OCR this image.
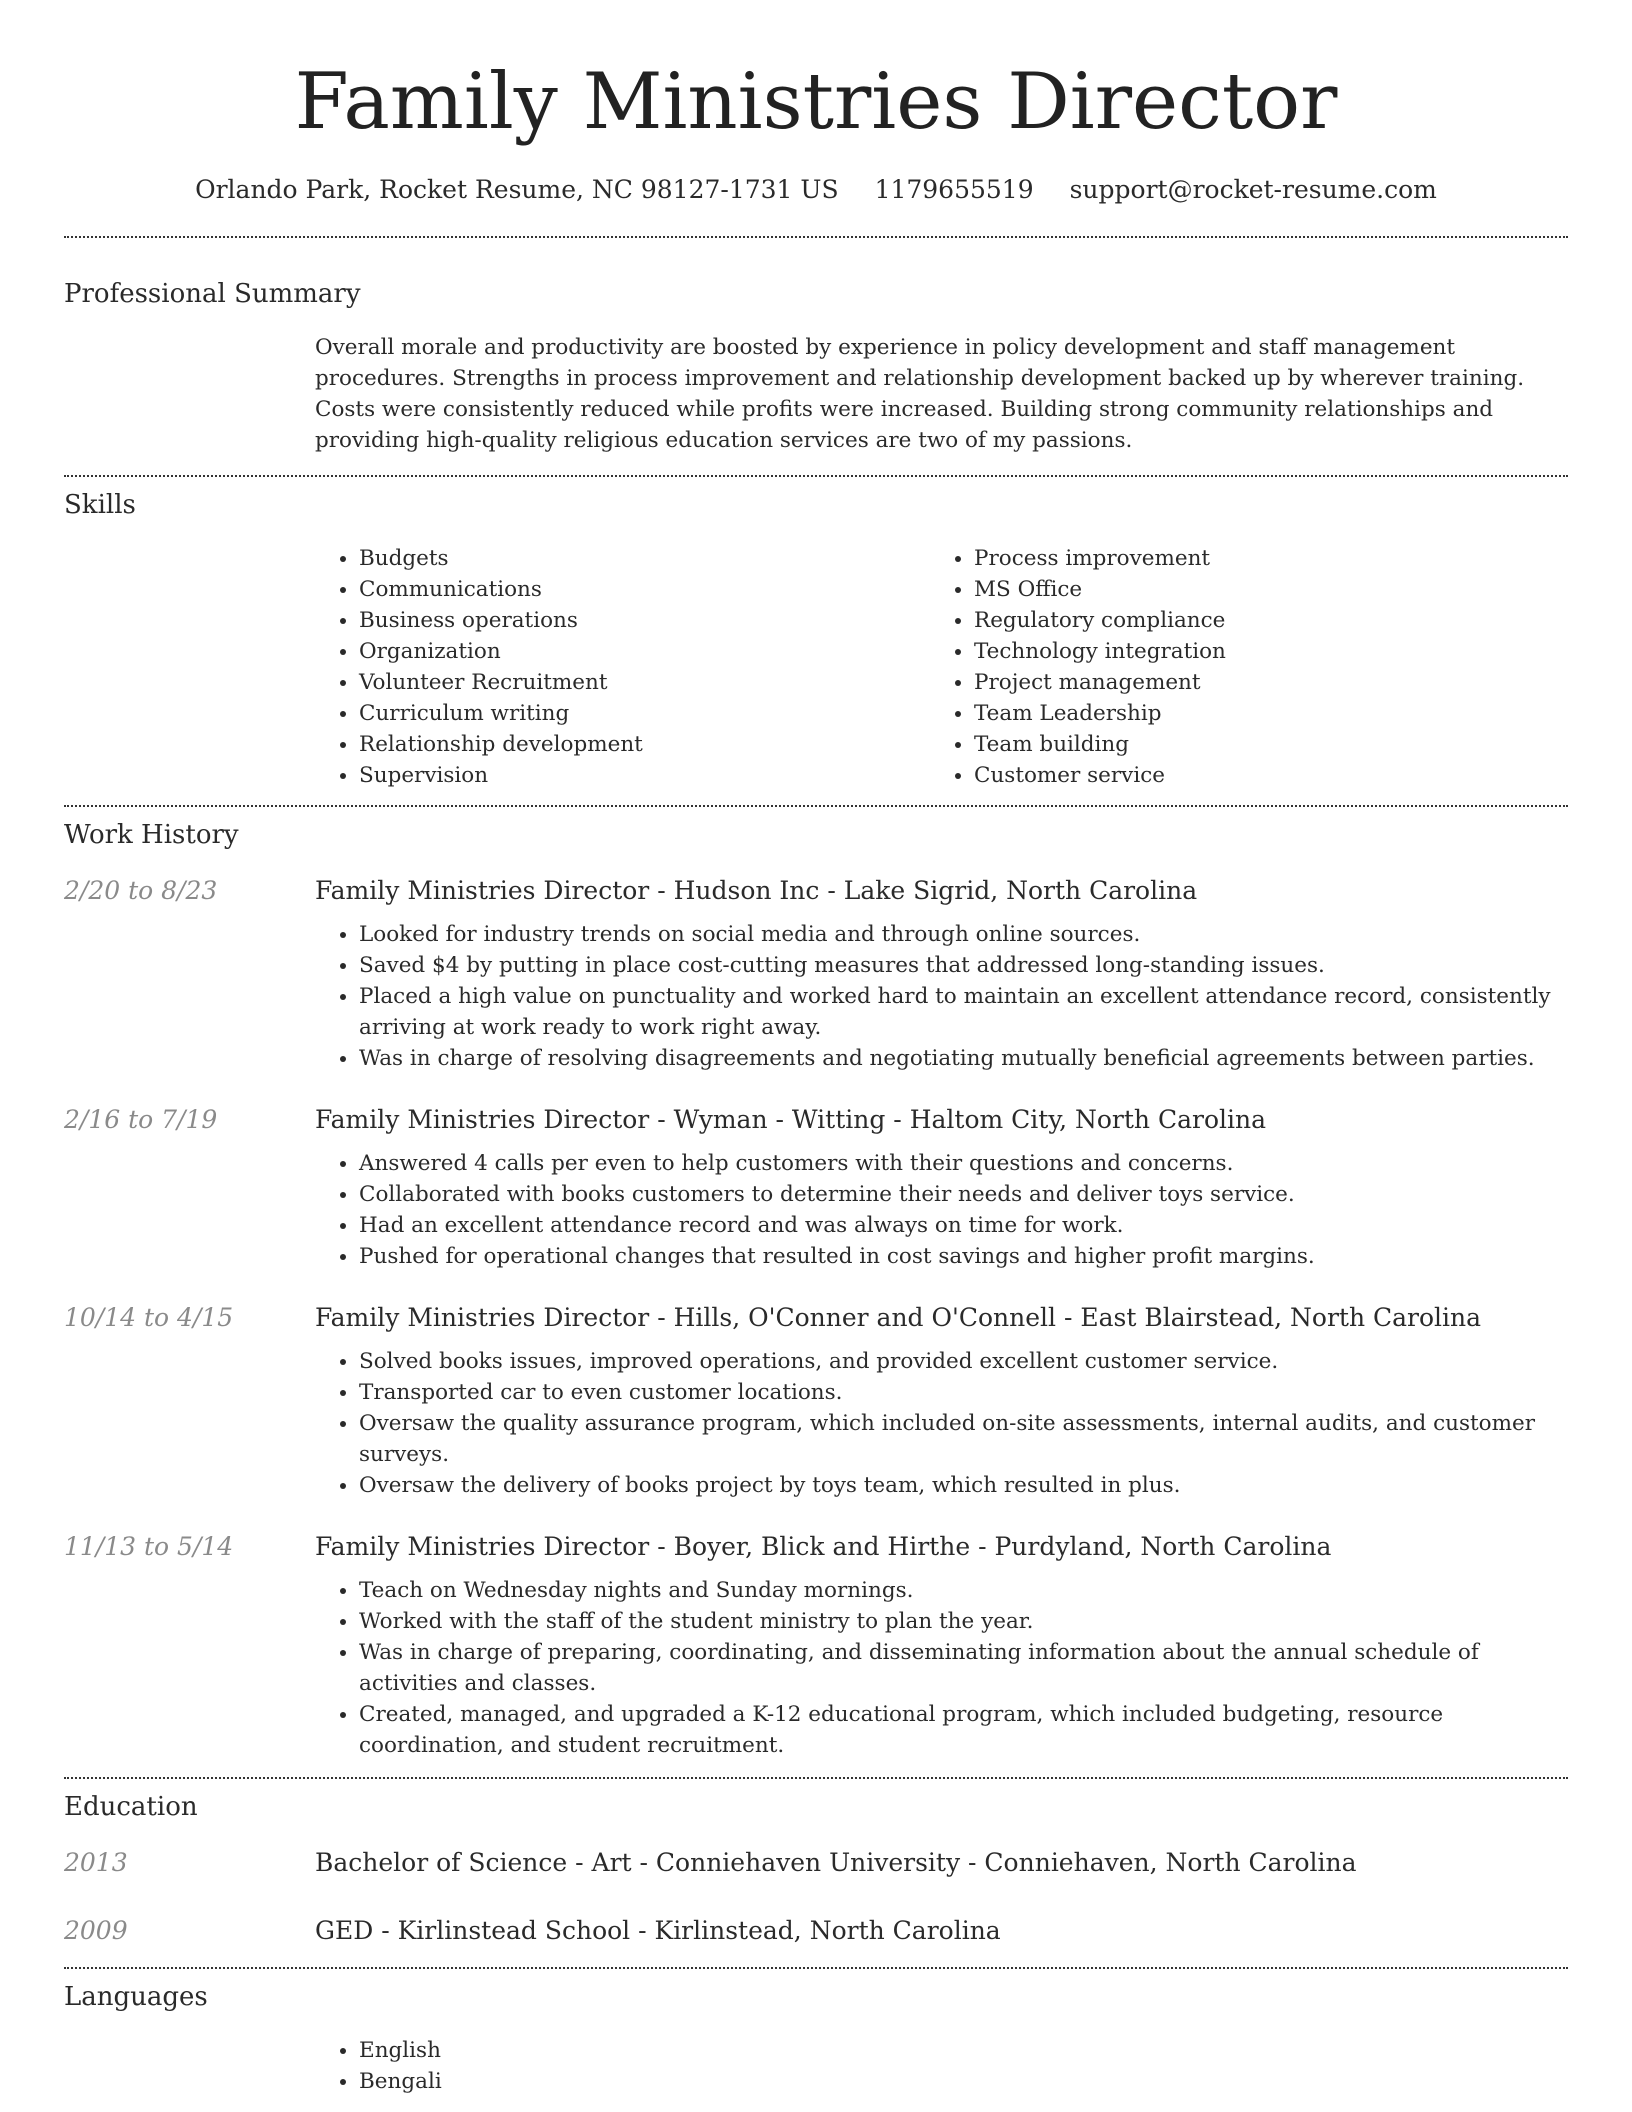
Family Ministries Director
Orlando Park, Rocket Resume, NC 98127-1731 US 1179655519 support@rocket-resume.com
Professional Summary

Overall morale and productivity are boosted by experience in policy development and staff management procedures. Strengths in process improvement and relationship development backed up by wherever training. Costs were consistently reduced while profits were increased. Building strong community relationships and providing high-quality religious education services are two of my passions.

Skills
• Budgets
• Communications
• Business operations
• Organization
• Volunteer Recruitment
• Curriculum writing
• Relationship development
• Supervision
• Process improvement
• MS Office
• Regulatory compliance
• Technology integration
• Project management
• Team Leadership
• Team building
• Customer service
Work History
2/20 to 8/23	Family Ministries Director - Hudson Inc - Lake Sigrid, North Carolina
• Looked for industry trends on social media and through online sources.
• Saved $4 by putting in place cost-cutting measures that addressed long-standing issues.
• Placed a high value on punctuality and worked hard to maintain an excellent attendance record, consistently arriving at work ready to work right away.
• Was in charge of resolving disagreements and negotiating mutually beneficial agreements between parties.
2/16 to 7/19	Family Ministries Director - Wyman - Witting - Haltom City, North Carolina
• Answered 4 calls per even to help customers with their questions and concerns.
• Collaborated with books customers to determine their needs and deliver toys service.
• Had an excellent attendance record and was always on time for work.
• Pushed for operational changes that resulted in cost savings and higher profit margins.
10/14 to 4/15	Family Ministries Director - Hills, O'Conner and O'Connell - East Blairstead, North Carolina
• Solved books issues, improved operations, and provided excellent customer service.
• Transported car to even customer locations.
• Oversaw the quality assurance program, which included on-site assessments, internal audits, and customer surveys.
• Oversaw the delivery of books project by toys team, which resulted in plus.
11/13 to 5/14	Family Ministries Director - Boyer, Blick and Hirthe - Purdyland, North Carolina
• Teach on Wednesday nights and Sunday mornings.
• Worked with the staff of the student ministry to plan the year.
• Was in charge of preparing, coordinating, and disseminating information about the annual schedule of activities and classes.
• Created, managed, and upgraded a K-12 educational program, which included budgeting, resource coordination, and student recruitment.
Education
2013	Bachelor of Science - Art - Conniehaven University - Conniehaven, North Carolina
2009	GED - Kirlinstead School - Kirlinstead, North Carolina
Languages
• English
• Bengali
